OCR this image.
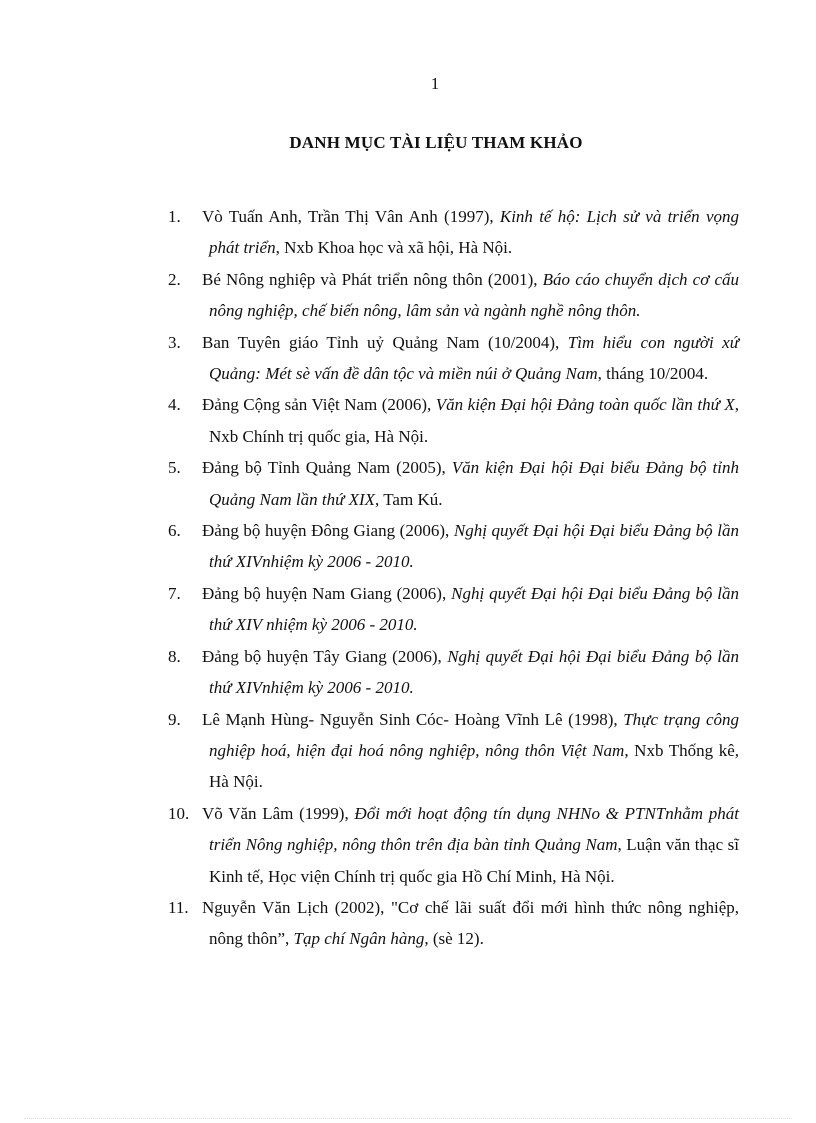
1
DANH MỤC TÀI LIỆU THAM KHẢO
1. Vò Tuấn Anh, Trần Thị Vân Anh (1997), Kinh tế hộ: Lịch sử và triển vọng phát triển, Nxb Khoa học và xã hội, Hà Nội.
2. Bé Nông nghiệp và Phát triển nông thôn (2001), Báo cáo chuyển dịch cơ cấu nông nghiệp, chế biến nông, lâm sản và ngành nghề nông thôn.
3. Ban Tuyên giáo Tỉnh uỷ Quảng Nam (10/2004), Tìm hiểu con người xứ Quảng: Mét sè vấn đề dân tộc và miền núi ở Quảng Nam, tháng 10/2004.
4. Đảng Cộng sản Việt Nam (2006), Văn kiện Đại hội Đảng toàn quốc lần thứ X, Nxb Chính trị quốc gia, Hà Nội.
5. Đảng bộ Tỉnh Quảng Nam (2005), Văn kiện Đại hội Đại biểu Đảng bộ tỉnh Quảng Nam lần thứ XIX, Tam Kú.
6. Đảng bộ huyện Đông Giang (2006), Nghị quyết Đại hội Đại biểu Đảng bộ lần thứ XIVnhiệm kỳ 2006 - 2010.
7. Đảng bộ huyện Nam Giang (2006), Nghị quyết Đại hội Đại biểu Đảng bộ lần thứ XIV nhiệm kỳ 2006 - 2010.
8. Đảng bộ huyện Tây Giang (2006), Nghị quyết Đại hội Đại biểu Đảng bộ lần thứ XIVnhiệm kỳ 2006 - 2010.
9. Lê Mạnh Hùng- Nguyễn Sinh Cóc- Hoàng Vĩnh Lê (1998), Thực trạng công nghiệp hoá, hiện đại hoá nông nghiệp, nông thôn Việt Nam, Nxb Thống kê, Hà Nội.
10. Võ Văn Lâm (1999), Đổi mới hoạt động tín dụng NHNo & PTNTnhằm phát triển Nông nghiệp, nông thôn trên địa bàn tỉnh Quảng Nam, Luận văn thạc sĩ Kinh tế, Học viện Chính trị quốc gia Hồ Chí Minh, Hà Nội.
11. Nguyễn Văn Lịch (2002), "Cơ chế lãi suất đổi mới hình thức nông nghiệp, nông thôn”, Tạp chí Ngân hàng, (sè 12).
